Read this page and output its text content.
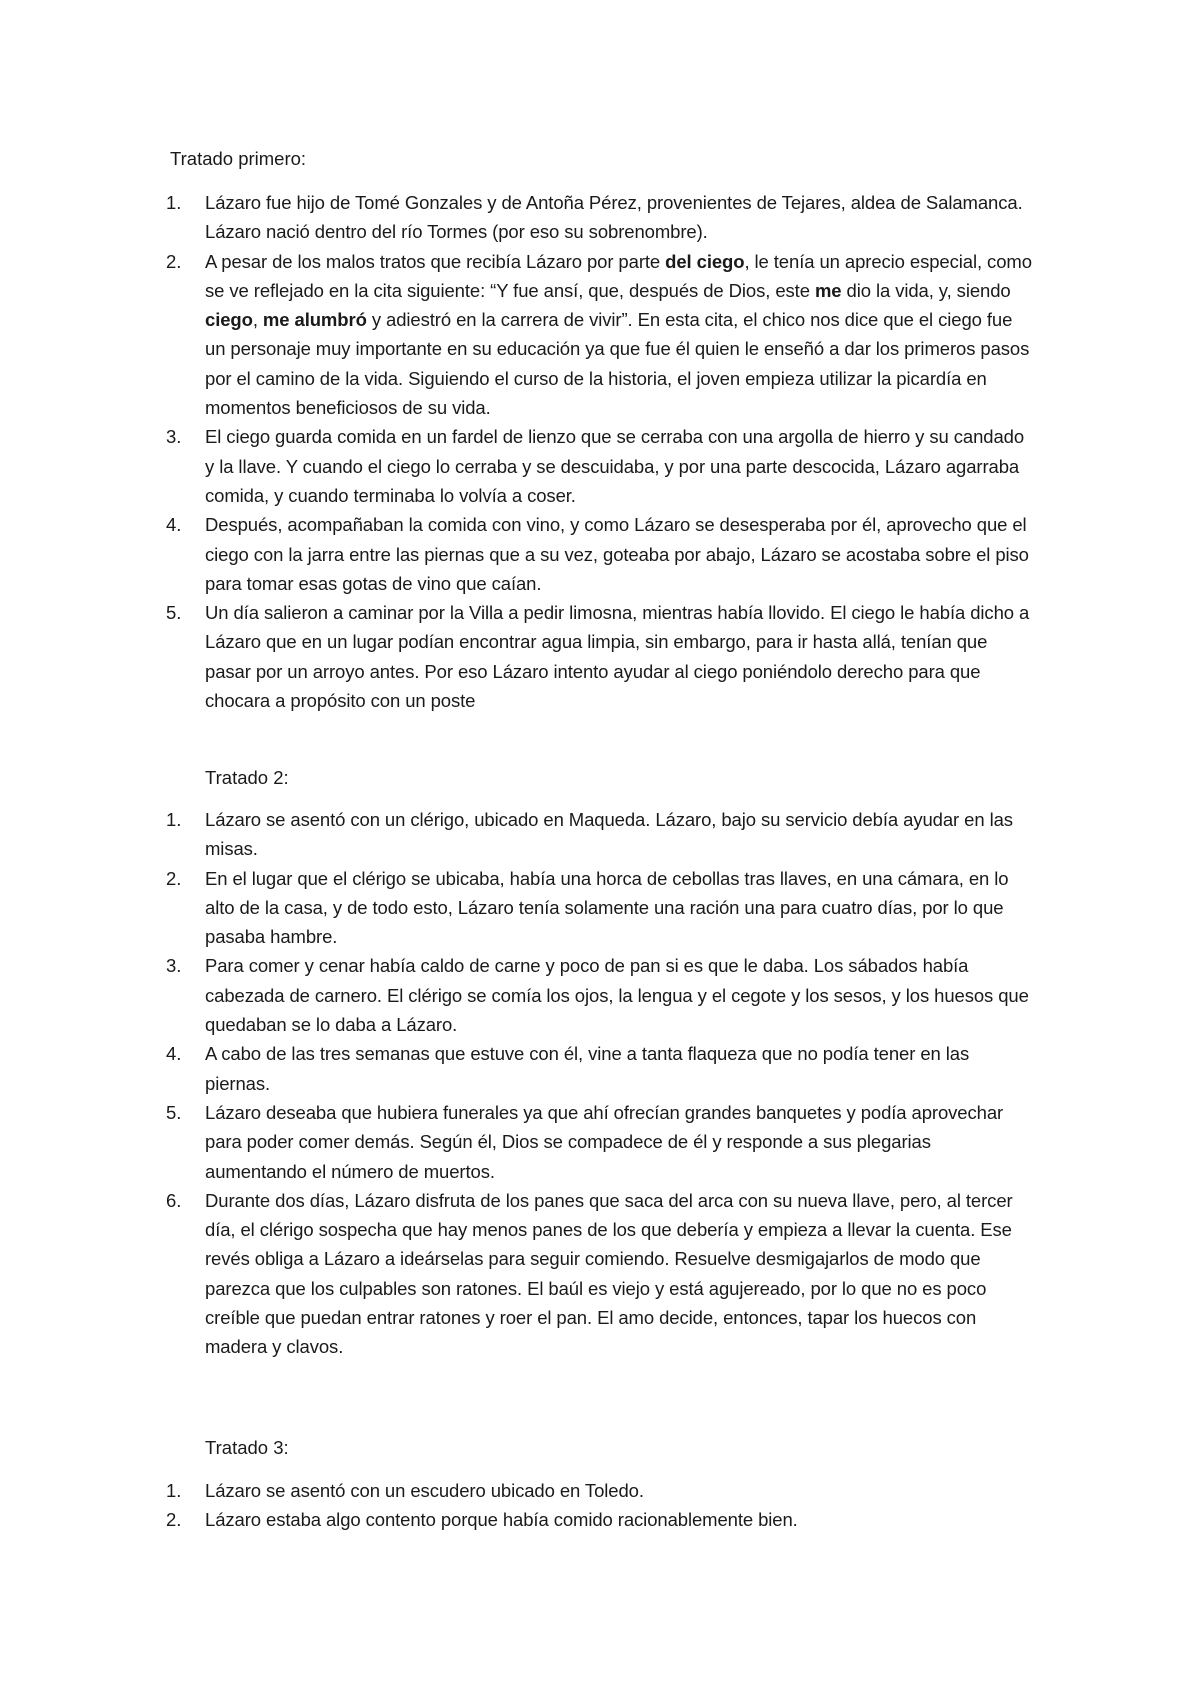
Tratado primero:
1.	Lázaro fue hijo de Tomé Gonzales y de Antoña Pérez, provenientes de Tejares, aldea de Salamanca. Lázaro nació dentro del río Tormes (por eso su sobrenombre).
2.	A pesar de los malos tratos que recibía Lázaro por parte del ciego, le tenía un aprecio especial, como se ve reflejado en la cita siguiente: “Y fue ansí, que, después de Dios, este me dio la vida, y, siendo ciego, me alumbró y adiestró en la carrera de vivir”. En esta cita, el chico nos dice que el ciego fue un personaje muy importante en su educación ya que fue él quien le enseñó a dar los primeros pasos por el camino de la vida. Siguiendo el curso de la historia, el joven empieza utilizar la picardía en momentos beneficiosos de su vida.
3.	El ciego guarda comida en un fardel de lienzo que se cerraba con una argolla de hierro y su candado y la llave. Y cuando el ciego lo cerraba y se descuidaba, y por una parte descocida, Lázaro agarraba comida, y cuando terminaba lo volvía a coser.
4.	Después, acompañaban la comida con vino, y como Lázaro se desesperaba por él, aprovecho que el ciego con la jarra entre las piernas que a su vez, goteaba por abajo, Lázaro se acostaba sobre el piso para tomar esas gotas de vino que caían.
5.	Un día salieron a caminar por la Villa a pedir limosna, mientras había llovido. El ciego le había dicho a Lázaro que en un lugar podían encontrar agua limpia, sin embargo, para ir hasta allá, tenían que pasar por un arroyo antes. Por eso Lázaro intento ayudar al ciego poniéndolo derecho para que chocara a propósito con un poste
Tratado 2:
1.	Lázaro se asentó con un clérigo, ubicado en Maqueda. Lázaro, bajo su servicio debía ayudar en las misas.
2.	En el lugar que el clérigo se ubicaba, había una horca de cebollas tras llaves, en una cámara, en lo alto de la casa, y de todo esto, Lázaro tenía solamente una ración una para cuatro días, por lo que pasaba hambre.
3.	Para comer y cenar había caldo de carne y poco de pan si es que le daba. Los sábados había cabezada de carnero. El clérigo se comía los ojos, la lengua y el cegote y los sesos, y los huesos que quedaban se lo daba a Lázaro.
4.	A cabo de las tres semanas que estuve con él, vine a tanta flaqueza que no podía tener en las piernas.
5.	Lázaro deseaba que hubiera funerales ya que ahí ofrecían grandes banquetes y podía aprovechar para poder comer demás. Según él, Dios se compadece de él y responde a sus plegarias aumentando el número de muertos.
6.	Durante dos días, Lázaro disfruta de los panes que saca del arca con su nueva llave, pero, al tercer día, el clérigo sospecha que hay menos panes de los que debería y empieza a llevar la cuenta. Ese revés obliga a Lázaro a ideárselas para seguir comiendo. Resuelve desmigajarlos de modo que parezca que los culpables son ratones. El baúl es viejo y está agujereado, por lo que no es poco creíble que puedan entrar ratones y roer el pan. El amo decide, entonces, tapar los huecos con madera y clavos.
Tratado 3:
1.	Lázaro se asentó con un escudero ubicado en Toledo.
2.	Lázaro estaba algo contento porque había comido racionablemente bien.
